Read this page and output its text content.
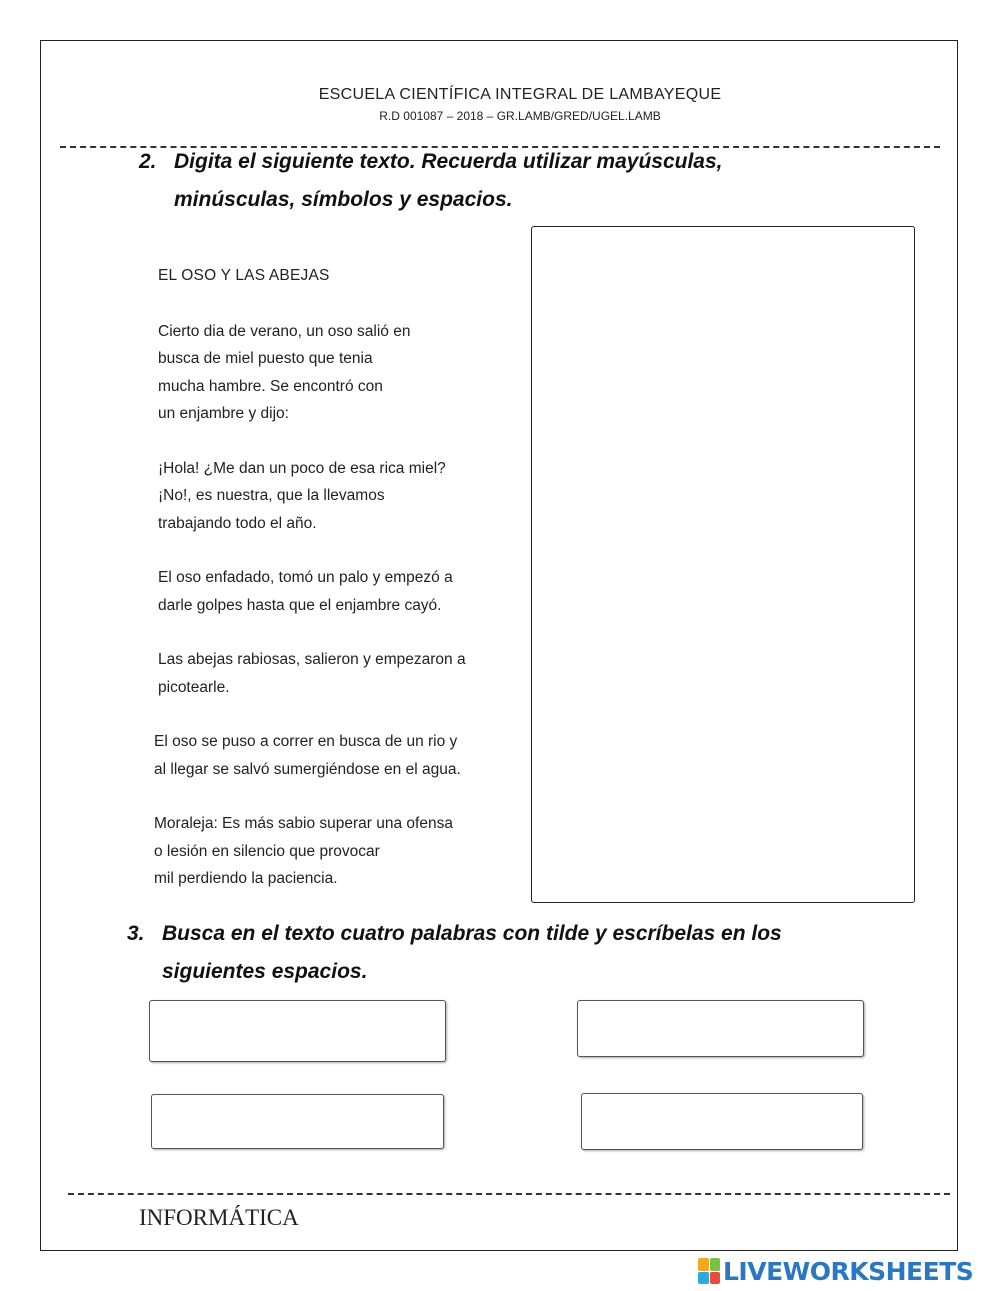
ESCUELA CIENTÍFICA INTEGRAL DE LAMBAYEQUE
R.D 001087 – 2018 – GR.LAMB/GRED/UGEL.LAMB
2. Digita el siguiente texto. Recuerda utilizar mayúsculas,
minúsculas, símbolos y espacios.

EL OSO Y LAS ABEJAS

Cierto dia de verano, un oso salió en

busca de miel puesto que tenia

mucha hambre. Se encontró con

un enjambre y dijo:

¡Hola! ¿Me dan un poco de esa rica miel?

¡No!, es nuestra, que la llevamos

trabajando todo el año.

El oso enfadado, tomó un palo y empezó a

darle golpes hasta que el enjambre cayó.

Las abejas rabiosas, salieron y empezaron a

picotearle.

El oso se puso a correr en busca de un rio y

al llegar se salvó sumergiéndose en el agua.

Moraleja: Es más sabio superar una ofensa

o lesión en silencio que provocar

mil perdiendo la paciencia.

3. Busca en el texto cuatro palabras con tilde y escríbelas en los
siguientes espacios.
INFORMÁTICA
LIVEWORKSHEETS
